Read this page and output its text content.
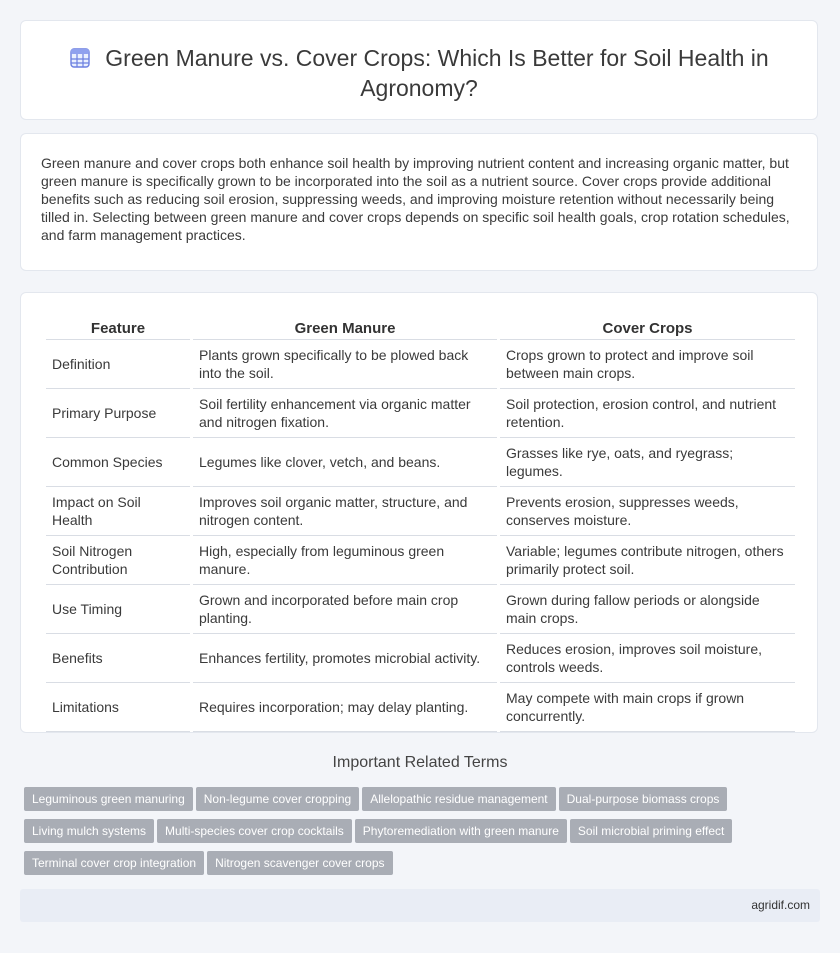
Green Manure vs. Cover Crops: Which Is Better for Soil Health in Agronomy?

Green manure and cover crops both enhance soil health by improving nutrient content and increasing organic matter, but green manure is specifically grown to be incorporated into the soil as a nutrient source. Cover crops provide additional benefits such as reducing soil erosion, suppressing weeds, and improving moisture retention without necessarily being tilled in. Selecting between green manure and cover crops depends on specific soil health goals, crop rotation schedules, and farm management practices.

Feature	Green Manure	Cover Crops
Definition	Plants grown specifically to be plowed back into the soil.	Crops grown to protect and improve soil between main crops.
Primary Purpose	Soil fertility enhancement via organic matter and nitrogen fixation.	Soil protection, erosion control, and nutrient retention.
Common Species	Legumes like clover, vetch, and beans.	Grasses like rye, oats, and ryegrass; legumes.
Impact on Soil Health	Improves soil organic matter, structure, and nitrogen content.	Prevents erosion, suppresses weeds, conserves moisture.
Soil Nitrogen Contribution	High, especially from leguminous green manure.	Variable; legumes contribute nitrogen, others primarily protect soil.
Use Timing	Grown and incorporated before main crop planting.	Grown during fallow periods or alongside main crops.
Benefits	Enhances fertility, promotes microbial activity.	Reduces erosion, improves soil moisture, controls weeds.
Limitations	Requires incorporation; may delay planting.	May compete with main crops if grown concurrently.
Important Related Terms
Leguminous green manuring Non-legume cover cropping Allelopathic residue management Dual-purpose biomass crops
Living mulch systems Multi-species cover crop cocktails Phytoremediation with green manure Soil microbial priming effect
Terminal cover crop integration Nitrogen scavenger cover crops
agridif.com
